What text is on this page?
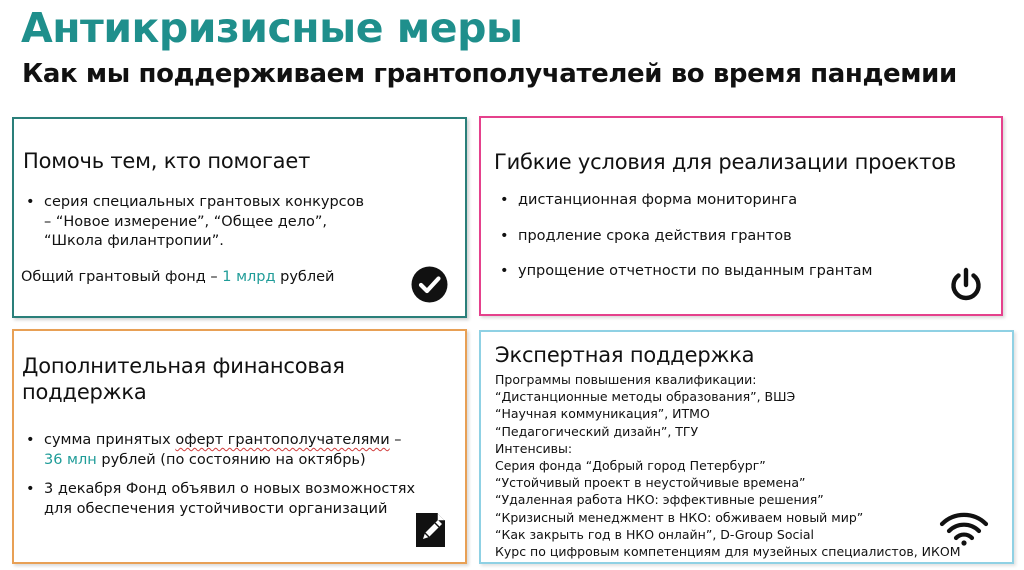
Антикризисные меры
Как мы поддерживаем грантополучателей во время пандемии
Помочь тем, кто помогает
• серия специальных грантовых конкурсов
– “Новое измерение”, “Общее дело”,
“Школа филантропии”.
Общий грантовый фонд – 1 млрд рублей
Гибкие условия для реализации проектов
• дистанционная форма мониторинга
• продление срока действия грантов
• упрощение отчетности по выданным грантам
Дополнительная финансовая
поддержка
• сумма принятых оферт грантополучателями –
36 млн рублей (по состоянию на октябрь)
• 3 декабря Фонд объявил о новых возможностях
для обеспечения устойчивости организаций
Экспертная поддержка
Программы повышения квалификации:
“Дистанционные методы образования”, ВШЭ
“Научная коммуникация”, ИТМО
“Педагогический дизайн”, ТГУ
Интенсивы:
Серия фонда “Добрый город Петербург”
“Устойчивый проект в неустойчивые времена”
“Удаленная работа НКО: эффективные решения”
“Кризисный менеджмент в НКО: обживаем новый мир”
“Как закрыть год в НКО онлайн”, D-Group Social
Курс по цифровым компетенциям для музейных специалистов, ИКОМ
